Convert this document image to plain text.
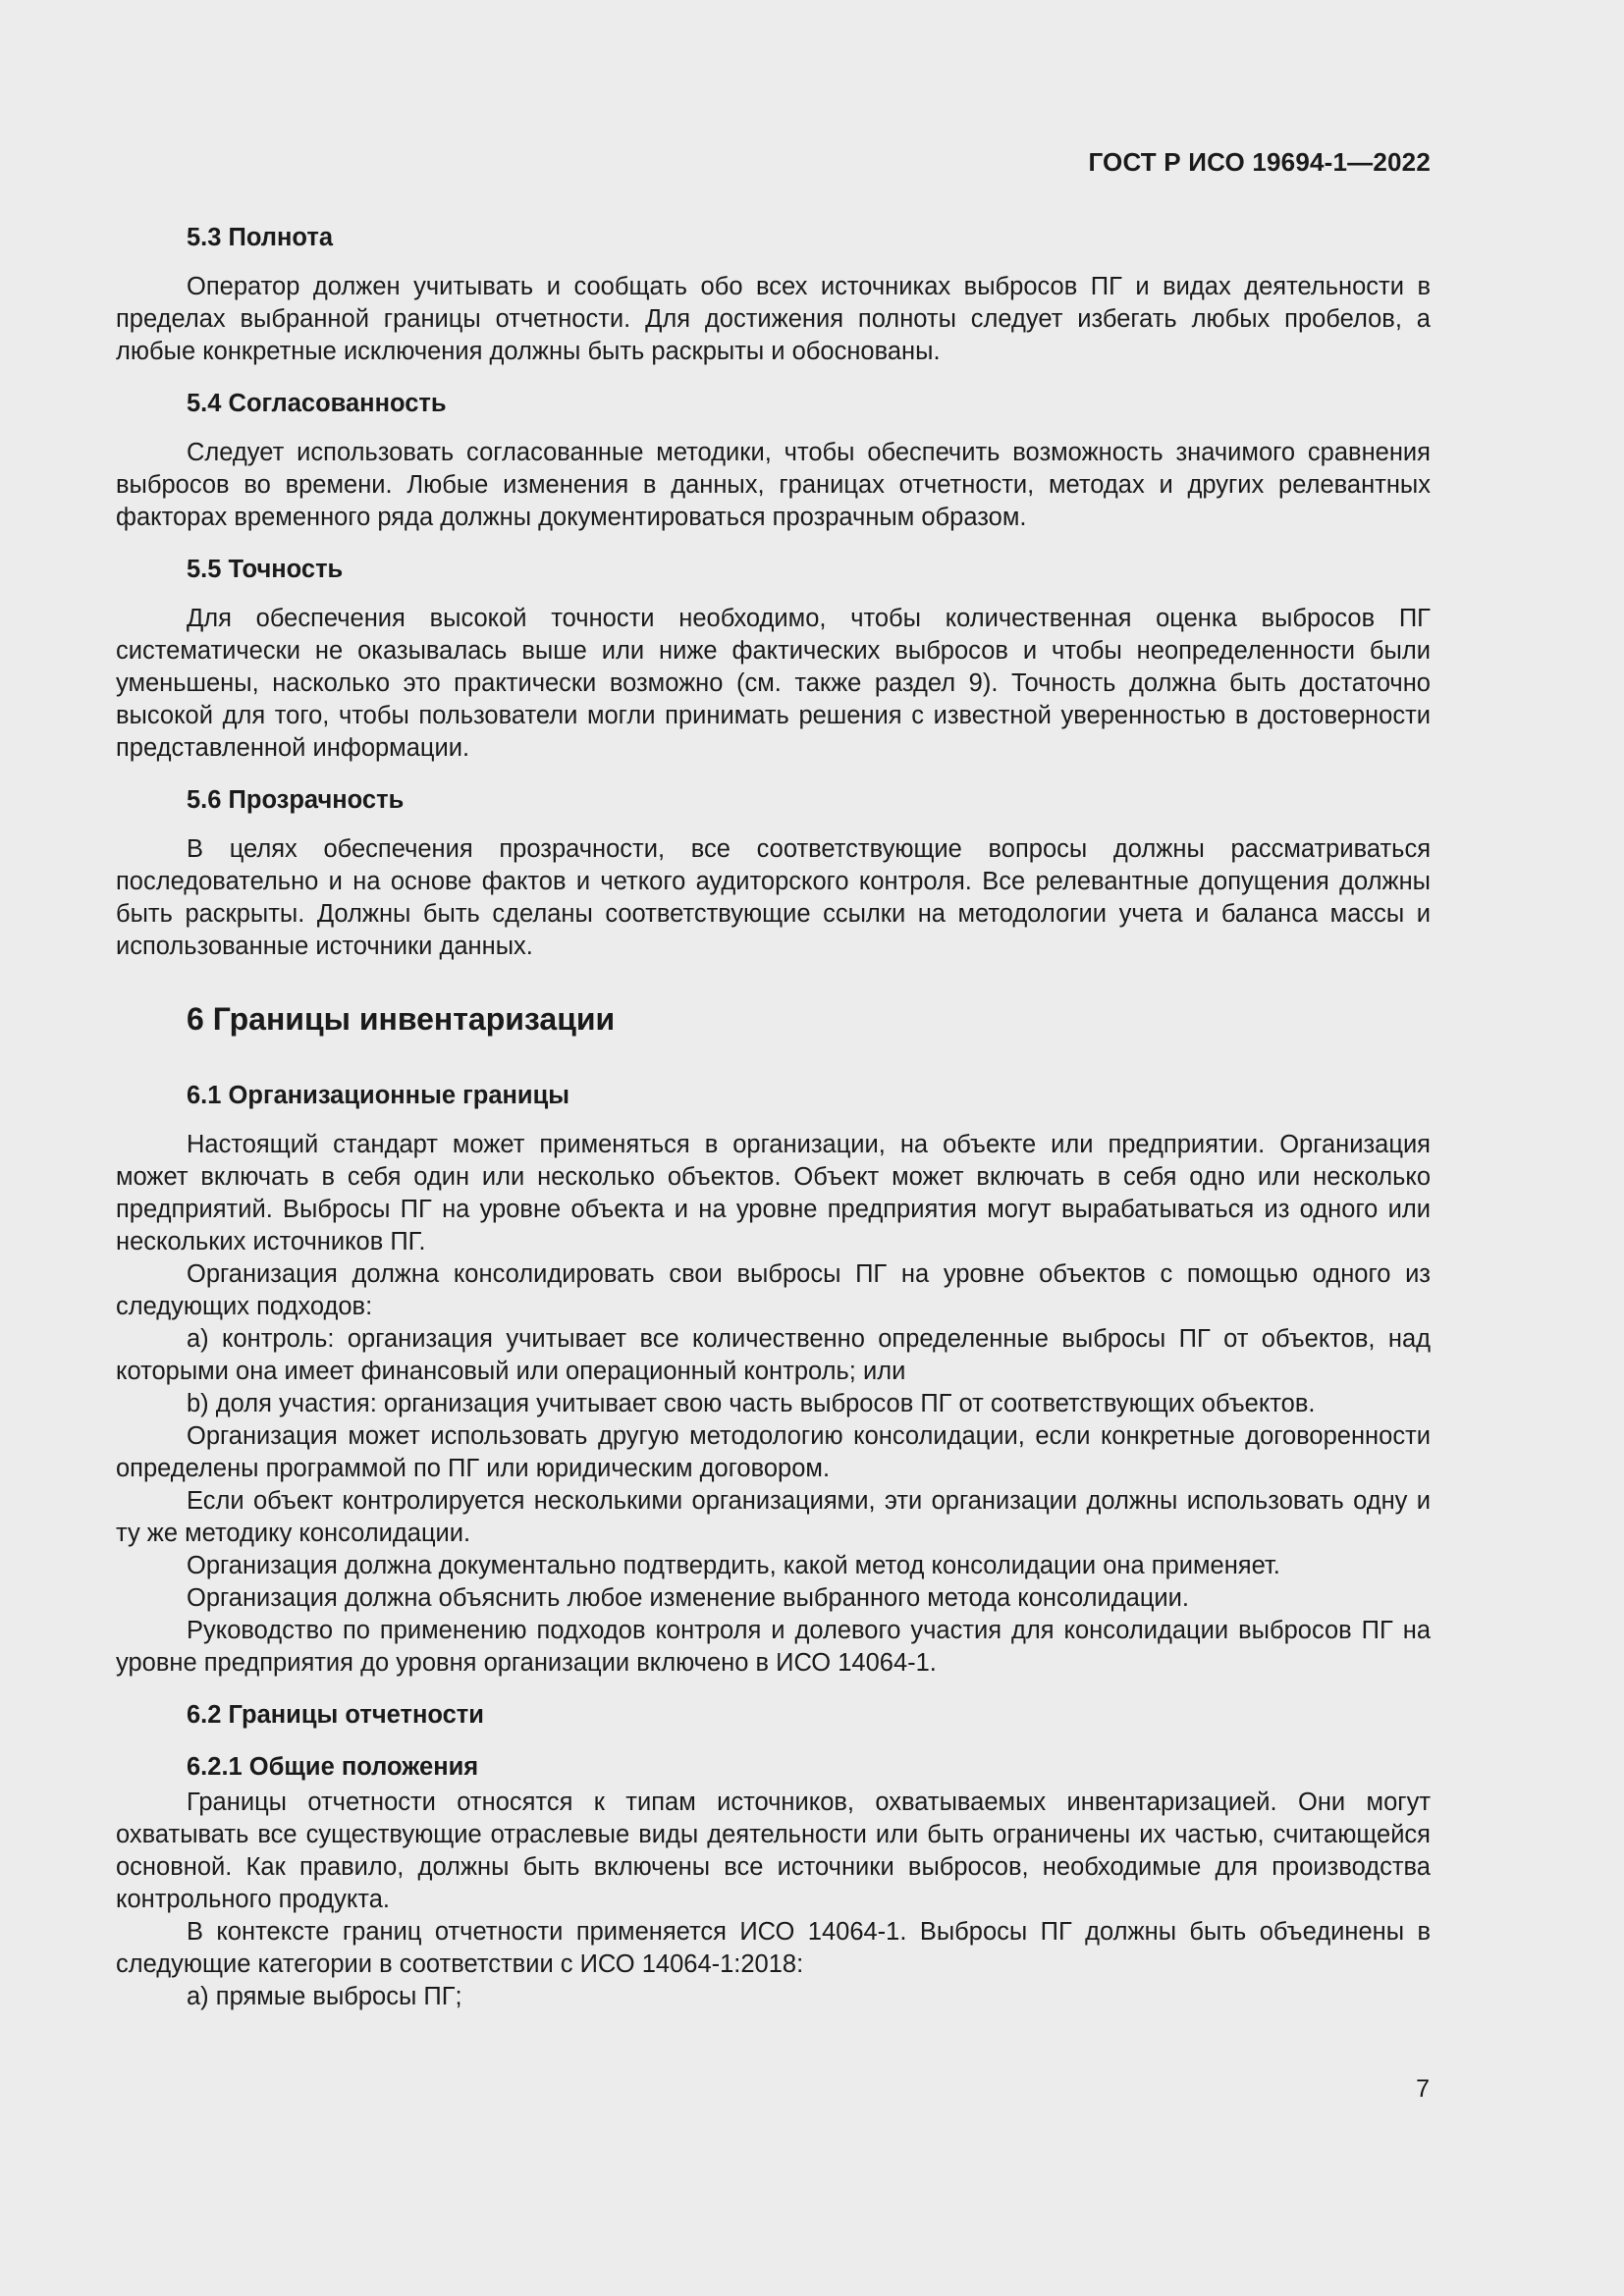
ГОСТ Р ИСО 19694-1—2022
5.3 Полнота

Оператор должен учитывать и сообщать обо всех источниках выбросов ПГ и видах деятельности в пределах выбранной границы отчетности. Для достижения полноты следует избегать любых пробелов, а любые конкретные исключения должны быть раскрыты и обоснованы.

5.4 Согласованность

Следует использовать согласованные методики, чтобы обеспечить возможность значимого сравнения выбросов во времени. Любые изменения в данных, границах отчетности, методах и других релевантных факторах временного ряда должны документироваться прозрачным образом.

5.5 Точность

Для обеспечения высокой точности необходимо, чтобы количественная оценка выбросов ПГ систематически не оказывалась выше или ниже фактических выбросов и чтобы неопределенности были уменьшены, насколько это практически возможно (см. также раздел 9). Точность должна быть достаточно высокой для того, чтобы пользователи могли принимать решения с известной уверенностью в достоверности представленной информации.

5.6 Прозрачность

В целях обеспечения прозрачности, все соответствующие вопросы должны рассматриваться последовательно и на основе фактов и четкого аудиторского контроля. Все релевантные допущения должны быть раскрыты. Должны быть сделаны соответствующие ссылки на методологии учета и баланса массы и использованные источники данных.

6 Границы инвентаризации
6.1 Организационные границы

Настоящий стандарт может применяться в организации, на объекте или предприятии. Организация может включать в себя один или несколько объектов. Объект может включать в себя одно или несколько предприятий. Выбросы ПГ на уровне объекта и на уровне предприятия могут вырабатываться из одного или нескольких источников ПГ.

Организация должна консолидировать свои выбросы ПГ на уровне объектов с помощью одного из следующих подходов:

a) контроль: организация учитывает все количественно определенные выбросы ПГ от объектов, над которыми она имеет финансовый или операционный контроль; или

b) доля участия: организация учитывает свою часть выбросов ПГ от соответствующих объектов.

Организация может использовать другую методологию консолидации, если конкретные договоренности определены программой по ПГ или юридическим договором.

Если объект контролируется несколькими организациями, эти организации должны использовать одну и ту же методику консолидации.

Организация должна документально подтвердить, какой метод консолидации она применяет.

Организация должна объяснить любое изменение выбранного метода консолидации.

Руководство по применению подходов контроля и долевого участия для консолидации выбросов ПГ на уровне предприятия до уровня организации включено в ИСО 14064-1.

6.2 Границы отчетности
6.2.1 Общие положения

Границы отчетности относятся к типам источников, охватываемых инвентаризацией. Они могут охватывать все существующие отраслевые виды деятельности или быть ограничены их частью, считающейся основной. Как правило, должны быть включены все источники выбросов, необходимые для производства контрольного продукта.

В контексте границ отчетности применяется ИСО 14064-1. Выбросы ПГ должны быть объединены в следующие категории в соответствии с ИСО 14064-1:2018:

а) прямые выбросы ПГ;

7
